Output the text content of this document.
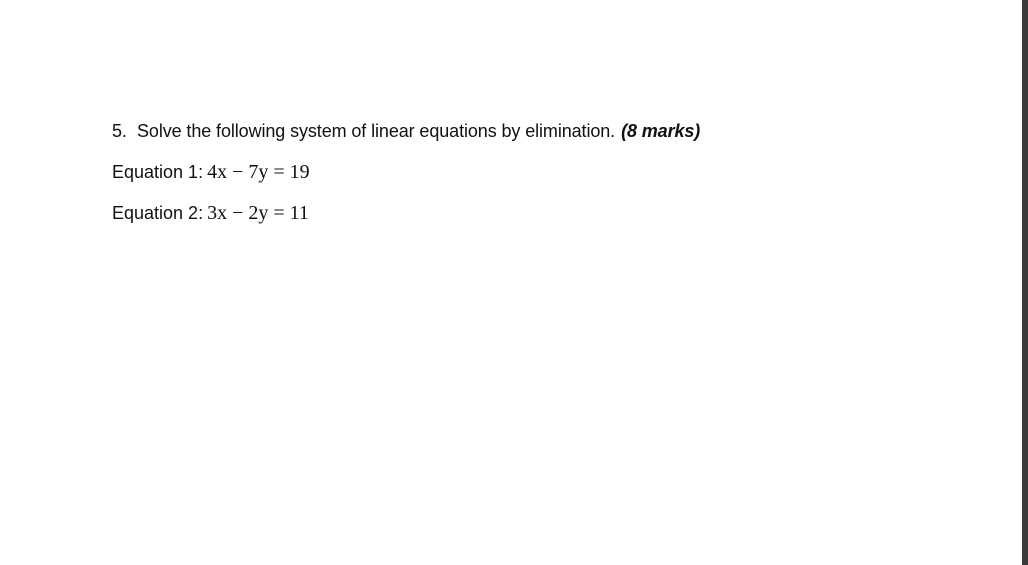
5. Solve the following system of linear equations by elimination. (8 marks)
Equation 1: 4x − 7y = 19
Equation 2: 3x − 2y = 11
